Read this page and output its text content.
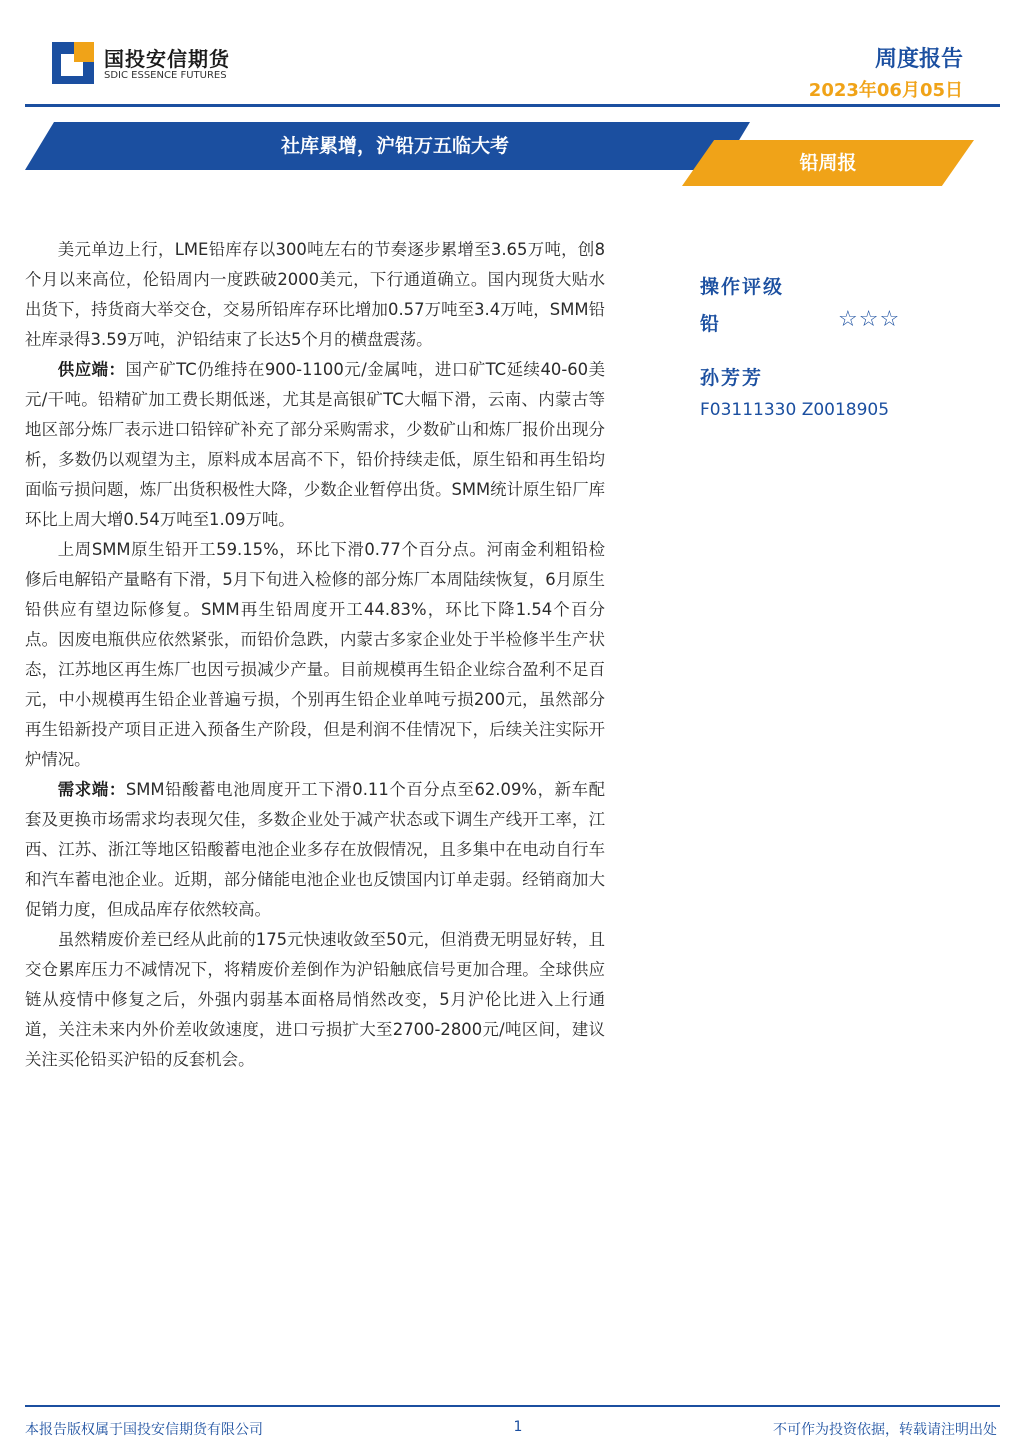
国投安信期货
SDIC ESSENCE FUTURES
周度报告
2023年06月05日
社库累增，沪铅万五临大考
铅周报

美元单边上行，LME铅库存以300吨左右的节奏逐步累增至3.65万吨，创8个月以来高位，伦铅周内一度跌破2000美元，下行通道确立。国内现货大贴水出货下，持货商大举交仓，交易所铅库存环比增加0.57万吨至3.4万吨，SMM铅社库录得3.59万吨，沪铅结束了长达5个月的横盘震荡。

供应端：国产矿TC仍维持在900-1100元/金属吨，进口矿TC延续40-60美元/干吨。铅精矿加工费长期低迷，尤其是高银矿TC大幅下滑，云南、内蒙古等地区部分炼厂表示进口铅锌矿补充了部分采购需求，少数矿山和炼厂报价出现分析，多数仍以观望为主，原料成本居高不下，铅价持续走低，原生铅和再生铅均面临亏损问题，炼厂出货积极性大降，少数企业暂停出货。SMM统计原生铅厂库环比上周大增0.54万吨至1.09万吨。

上周SMM原生铅开工59.15%，环比下滑0.77个百分点。河南金利粗铅检修后电解铅产量略有下滑，5月下旬进入检修的部分炼厂本周陆续恢复，6月原生铅供应有望边际修复。SMM再生铅周度开工44.83%，环比下降1.54个百分点。因废电瓶供应依然紧张，而铅价急跌，内蒙古多家企业处于半检修半生产状态，江苏地区再生炼厂也因亏损减少产量。目前规模再生铅企业综合盈利不足百元，中小规模再生铅企业普遍亏损，个别再生铅企业单吨亏损200元，虽然部分再生铅新投产项目正进入预备生产阶段，但是利润不佳情况下，后续关注实际开炉情况。

需求端：SMM铅酸蓄电池周度开工下滑0.11个百分点至62.09%，新车配套及更换市场需求均表现欠佳，多数企业处于减产状态或下调生产线开工率，江西、江苏、浙江等地区铅酸蓄电池企业多存在放假情况，且多集中在电动自行车和汽车蓄电池企业。近期，部分储能电池企业也反馈国内订单走弱。经销商加大促销力度，但成品库存依然较高。

虽然精废价差已经从此前的175元快速收敛至50元，但消费无明显好转，且交仓累库压力不减情况下，将精废价差倒作为沪铅触底信号更加合理。全球供应链从疫情中修复之后，外强内弱基本面格局悄然改变，5月沪伦比进入上行通道，关注未来内外价差收敛速度，进口亏损扩大至2700-2800元/吨区间，建议关注买伦铅买沪铅的反套机会。

操作评级
铅	☆☆☆
孙芳芳
F03111330 Z0018905
本报告版权属于国投安信期货有限公司	1	不可作为投资依据，转载请注明出处
